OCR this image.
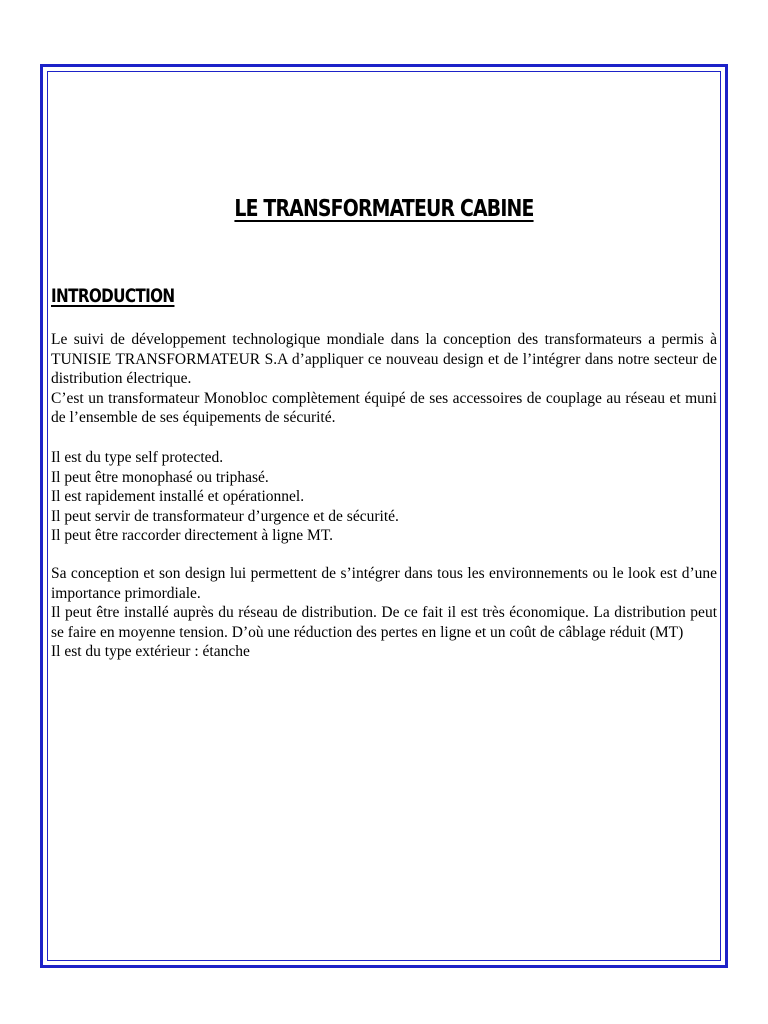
LE TRANSFORMATEUR CABINE
INTRODUCTION

Le suivi de développement technologique mondiale dans la conception des transformateurs a permis à TUNISIE TRANSFORMATEUR S.A d’appliquer ce nouveau design et de l’intégrer dans notre secteur de distribution électrique.

C’est un transformateur Monobloc complètement équipé de ses accessoires de couplage au réseau et muni de l’ensemble de ses équipements de sécurité.

Il est du type self protected.

Il peut être monophasé ou triphasé.

Il est rapidement installé et opérationnel.

Il peut servir de transformateur d’urgence et de sécurité.

Il peut être raccorder directement à ligne MT.

Sa conception et son design lui permettent de s’intégrer dans tous les environnements ou le look est d’une importance primordiale.

Il peut être installé auprès du réseau de distribution. De ce fait il est très économique. La distribution peut se faire en moyenne tension. D’où une réduction des pertes en ligne et un coût de câblage réduit (MT)

Il est du type extérieur : étanche
